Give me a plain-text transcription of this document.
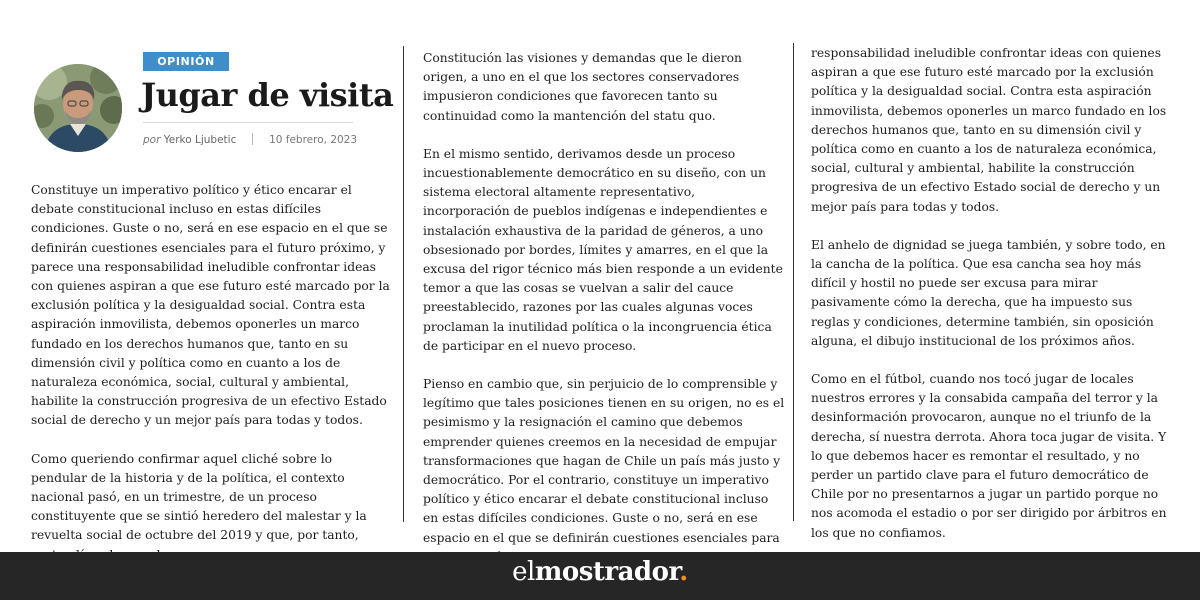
OPINIÓN
Jugar de visita
por Yerko Ljubetic	10 febrero, 2023

Constituye un imperativo político y ético encarar el debate constitucional incluso en estas difíciles condiciones. Guste o no, será en ese espacio en el que se definirán cuestiones esenciales para el futuro próximo, y parece una responsabilidad ineludible confrontar ideas con quienes aspiran a que ese futuro esté marcado por la exclusión política y la desigualdad social. Contra esta aspiración inmovilista, debemos oponerles un marco fundado en los derechos humanos que, tanto en su dimensión civil y política como en cuanto a los de naturaleza económica, social, cultural y ambiental, habilite la construcción progresiva de un efectivo Estado social de derecho y un mejor país para todas y todos.

Como queriendo confirmar aquel cliché sobre lo pendular de la historia y de la política, el contexto nacional pasó, en un trimestre, de un proceso constituyente que se sintió heredero del malestar y la revuelta social de octubre del 2019 y que, por tanto,

Constitución las visiones y demandas que le dieron origen, a uno en el que los sectores conservadores impusieron condiciones que favorecen tanto su continuidad como la mantención del statu quo.

En el mismo sentido, derivamos desde un proceso incuestionablemente democrático en su diseño, con un sistema electoral altamente representativo, incorporación de pueblos indígenas e independientes e instalación exhaustiva de la paridad de géneros, a uno obsesionado por bordes, límites y amarres, en el que la excusa del rigor técnico más bien responde a un evidente temor a que las cosas se vuelvan a salir del cauce preestablecido, razones por las cuales algunas voces proclaman la inutilidad política o la incongruencia ética de participar en el nuevo proceso.

Pienso en cambio que, sin perjuicio de lo comprensible y legítimo que tales posiciones tienen en su origen, no es el pesimismo y la resignación el camino que debemos emprender quienes creemos en la necesidad de empujar transformaciones que hagan de Chile un país más justo y democrático. Por el contrario, constituye un imperativo político y ético encarar el debate constitucional incluso en estas difíciles condiciones. Guste o no, será en ese espacio en el que se definirán cuestiones esenciales para

responsabilidad ineludible confrontar ideas con quienes aspiran a que ese futuro esté marcado por la exclusión política y la desigualdad social. Contra esta aspiración inmovilista, debemos oponerles un marco fundado en los derechos humanos que, tanto en su dimensión civil y política como en cuanto a los de naturaleza económica, social, cultural y ambiental, habilite la construcción progresiva de un efectivo Estado social de derecho y un mejor país para todas y todos.

El anhelo de dignidad se juega también, y sobre todo, en la cancha de la política. Que esa cancha sea hoy más difícil y hostil no puede ser excusa para mirar pasivamente cómo la derecha, que ha impuesto sus reglas y condiciones, determine también, sin oposición alguna, el dibujo institucional de los próximos años.

Como en el fútbol, cuando nos tocó jugar de locales nuestros errores y la consabida campaña del terror y la desinformación provocaron, aunque no el triunfo de la derecha, sí nuestra derrota. Ahora toca jugar de visita. Y lo que debemos hacer es remontar el resultado, y no perder un partido clave para el futuro democrático de Chile por no presentarnos a jugar un partido porque no nos acomoda el estadio o por ser dirigido por árbitros en los que no confiamos.

elmostrador.
